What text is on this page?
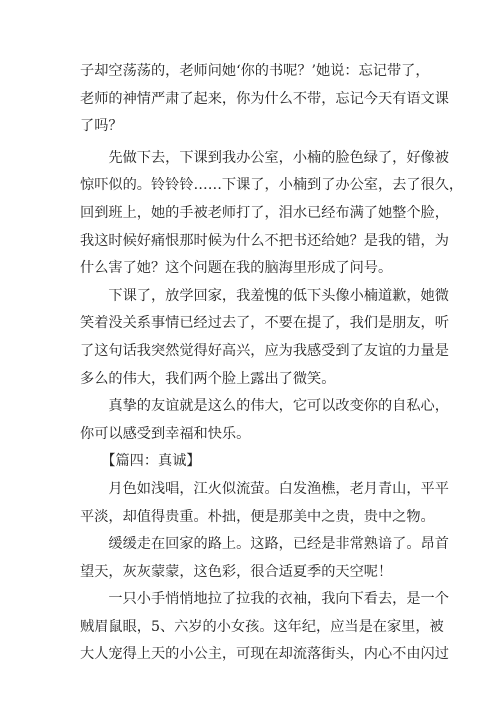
子却空荡荡的，老师问她‘你的书呢？’她说：忘记带了，
老师的神情严肃了起来，你为什么不带，忘记今天有语文课
了吗？
　　先做下去，下课到我办公室，小楠的脸色绿了，好像被
惊吓似的。铃铃铃……下课了，小楠到了办公室，去了很久，
回到班上，她的手被老师打了，泪水已经布满了她整个脸，
我这时候好痛恨那时候为什么不把书还给她？是我的错，为
什么害了她？这个问题在我的脑海里形成了问号。
　　下课了，放学回家，我羞愧的低下头像小楠道歉，她微
笑着没关系事情已经过去了，不要在提了，我们是朋友，听
了这句话我突然觉得好高兴，应为我感受到了友谊的力量是
多么的伟大，我们两个脸上露出了微笑。
　　真挚的友谊就是这么的伟大，它可以改变你的自私心，
你可以感受到幸福和快乐。
　　【篇四：真诚】
　　月色如浅唱，江火似流萤。白发渔樵，老月青山，平平
平淡，却值得贵重。朴拙，便是那美中之贵，贵中之物。
　　缓缓走在回家的路上。这路，已经是非常熟谙了。昂首
望天，灰灰蒙蒙，这色彩，很合适夏季的天空呢！
　　一只小手悄悄地拉了拉我的衣袖，我向下看去，是一个
贼眉鼠眼，5、六岁的小女孩。这年纪，应当是在家里，被
大人宠得上天的小公主，可现在却流落街头，内心不由闪过
